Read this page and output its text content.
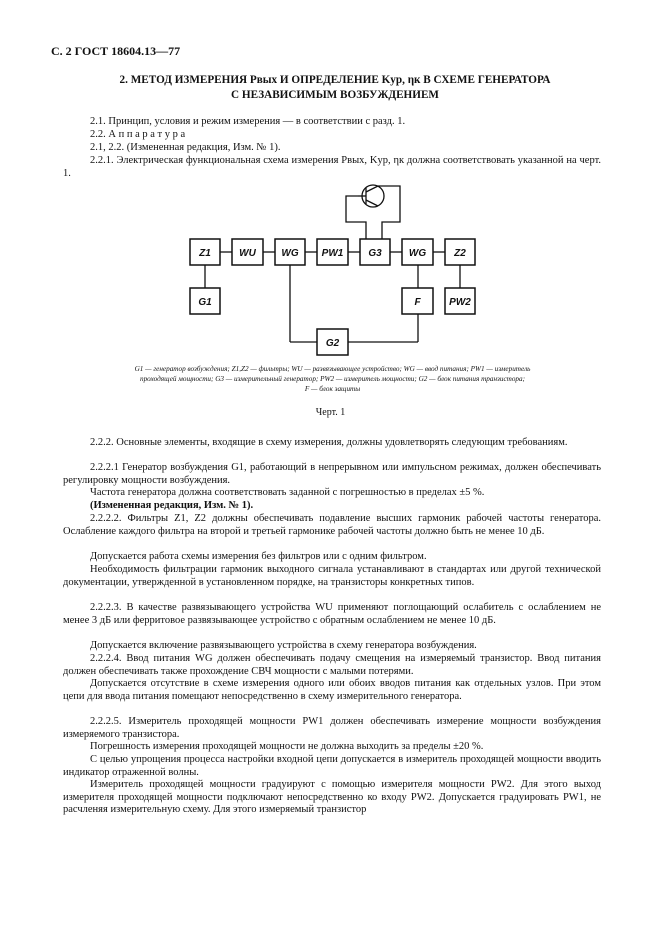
С. 2 ГОСТ 18604.13—77
2. МЕТОД ИЗМЕРЕНИЯ Pвых И ОПРЕДЕЛЕНИЕ Kур, ηк В СХЕМЕ ГЕНЕРАТОРА
С НЕЗАВИСИМЫМ ВОЗБУЖДЕНИЕМ
2.1. Принцип, условия и режим измерения — в соответствии с разд. 1.
2.2. А п п а р а т у р а
2.1, 2.2. (Измененная редакция, Изм. № 1).
2.2.1. Электрическая функциональная схема измерения Pвых, Kур, ηк должна соответствовать указанной на черт. 1.
Z1	WU	WG PW1 G3	WG	Z2
G1	F	PW2
G2
G1 — генератор возбуждения; Z1,Z2 — фильтры; WU — развязывающее устройство; WG — ввод питания; PW1 — измеритель
проходящей мощности; G3 — измерительный генератор; PW2 — измеритель мощности; G2 — блок питания транзистора;
F — блок защиты
Черт. 1
2.2.2. Основные элементы, входящие в схему измерения, должны удовлетворять следующим требованиям.
2.2.2.1 Генератор возбуждения G1, работающий в непрерывном или импульсном режимах, должен обеспечивать регулировку мощности возбуждения.
Частота генератора должна соответствовать заданной с погрешностью в пределах ±5 %.
(Измененная редакция, Изм. № 1).
2.2.2.2. Фильтры Z1, Z2 должны обеспечивать подавление высших гармоник рабочей частоты генератора. Ослабление каждого фильтра на второй и третьей гармонике рабочей частоты должно быть не менее 10 дБ.
Допускается работа схемы измерения без фильтров или с одним фильтром.
Необходимость фильтрации гармоник выходного сигнала устанавливают в стандартах или другой технической документации, утвержденной в установленном порядке, на транзисторы конкретных типов.
2.2.2.3. В качестве развязывающего устройства WU применяют поглощающий ослабитель с ослаблением не менее 3 дБ или ферритовое развязывающее устройство с обратным ослаблением не менее 10 дБ.
Допускается включение развязывающего устройства в схему генератора возбуждения.
2.2.2.4. Ввод питания WG должен обеспечивать подачу смещения на измеряемый транзистор. Ввод питания должен обеспечивать также прохождение СВЧ мощности с малыми потерями.
Допускается отсутствие в схеме измерения одного или обоих вводов питания как отдельных узлов. При этом цепи для ввода питания помещают непосредственно в схему измерительного генератора.
2.2.2.5. Измеритель проходящей мощности PW1 должен обеспечивать измерение мощности возбуждения измеряемого транзистора.
Погрешность измерения проходящей мощности не должна выходить за пределы ±20 %.
С целью упрощения процесса настройки входной цепи допускается в измеритель проходящей мощности вводить индикатор отраженной волны.
Измеритель проходящей мощности градуируют с помощью измерителя мощности PW2. Для этого выход измерителя проходящей мощности подключают непосредственно ко входу PW2. Допускается градуировать PW1, не расчленяя измерительную схему. Для этого измеряемый транзистор
